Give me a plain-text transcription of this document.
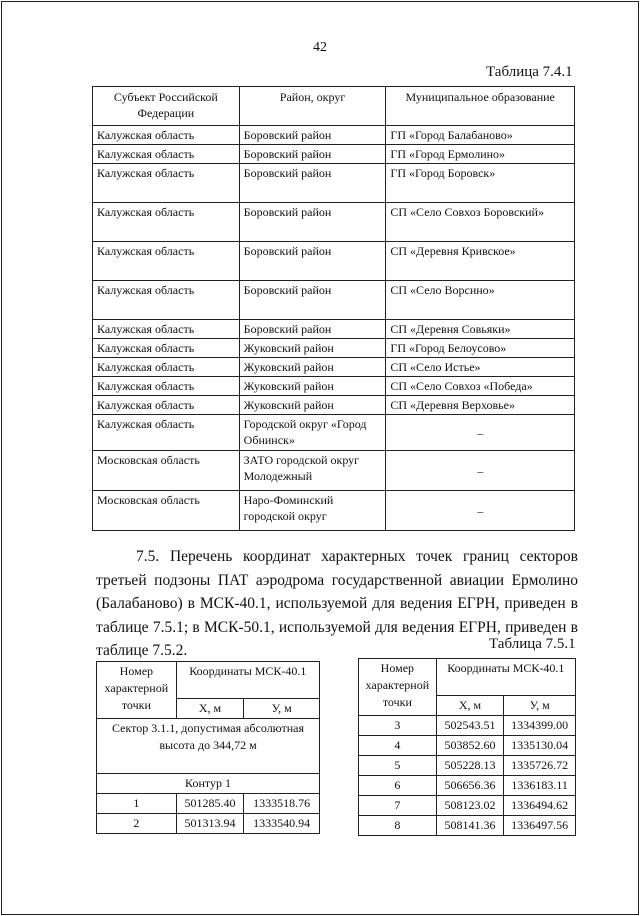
42
Таблица 7.4.1
Субъект Российской Федерации	Район, округ	Муниципальное образование
Калужская область	Боровский район	ГП «Город Балабаново»
Калужская область	Боровский район	ГП «Город Ермолино»
Калужская область	Боровский район	ГП «Город Боровск»
Калужская область	Боровский район	СП «Село Совхоз Боровский»
Калужская область	Боровский район	СП «Деревня Кривское»
Калужская область	Боровский район	СП «Село Ворсино»
Калужская область	Боровский район	СП «Деревня Совьяки»
Калужская область	Жуковский район	ГП «Город Белоусово»
Калужская область	Жуковский район	СП «Село Истье»
Калужская область	Жуковский район	СП «Село Совхоз «Победа»
Калужская область	Жуковский район	СП «Деревня Верховье»
Калужская область	Городской округ «Город Обнинск»	–
Московская область	ЗАТО городской округ Молодежный	–
Московская область	Наро-Фоминский городской округ	–

7.5. Перечень координат характерных точек границ секторов третьей подзоны ПАТ аэродрома государственной авиации Ермолино (Балабаново) в МСК-40.1, используемой для ведения ЕГРН, приведен в таблице 7.5.1; в МСК-50.1, используемой для ведения ЕГРН, приведен в таблице 7.5.2.	Таблица 7.5.1
Номер характерной точки	Координаты МСК-40.1	
	Х, м	У, м
Сектор 3.1.1, допустимая абсолютная высота до 344,72 м		
Контур 1		
1	501285.40	1333518.76
2	501313.94	1333540.94
Номер характерной точки	Координаты МСК-40.1	
	Х, м	У, м
3	502543.51	1334399.00
4	503852.60	1335130.04
5	505228.13	1335726.72
6	506656.36	1336183.11
7	508123.02	1336494.62
8	508141.36	1336497.56
